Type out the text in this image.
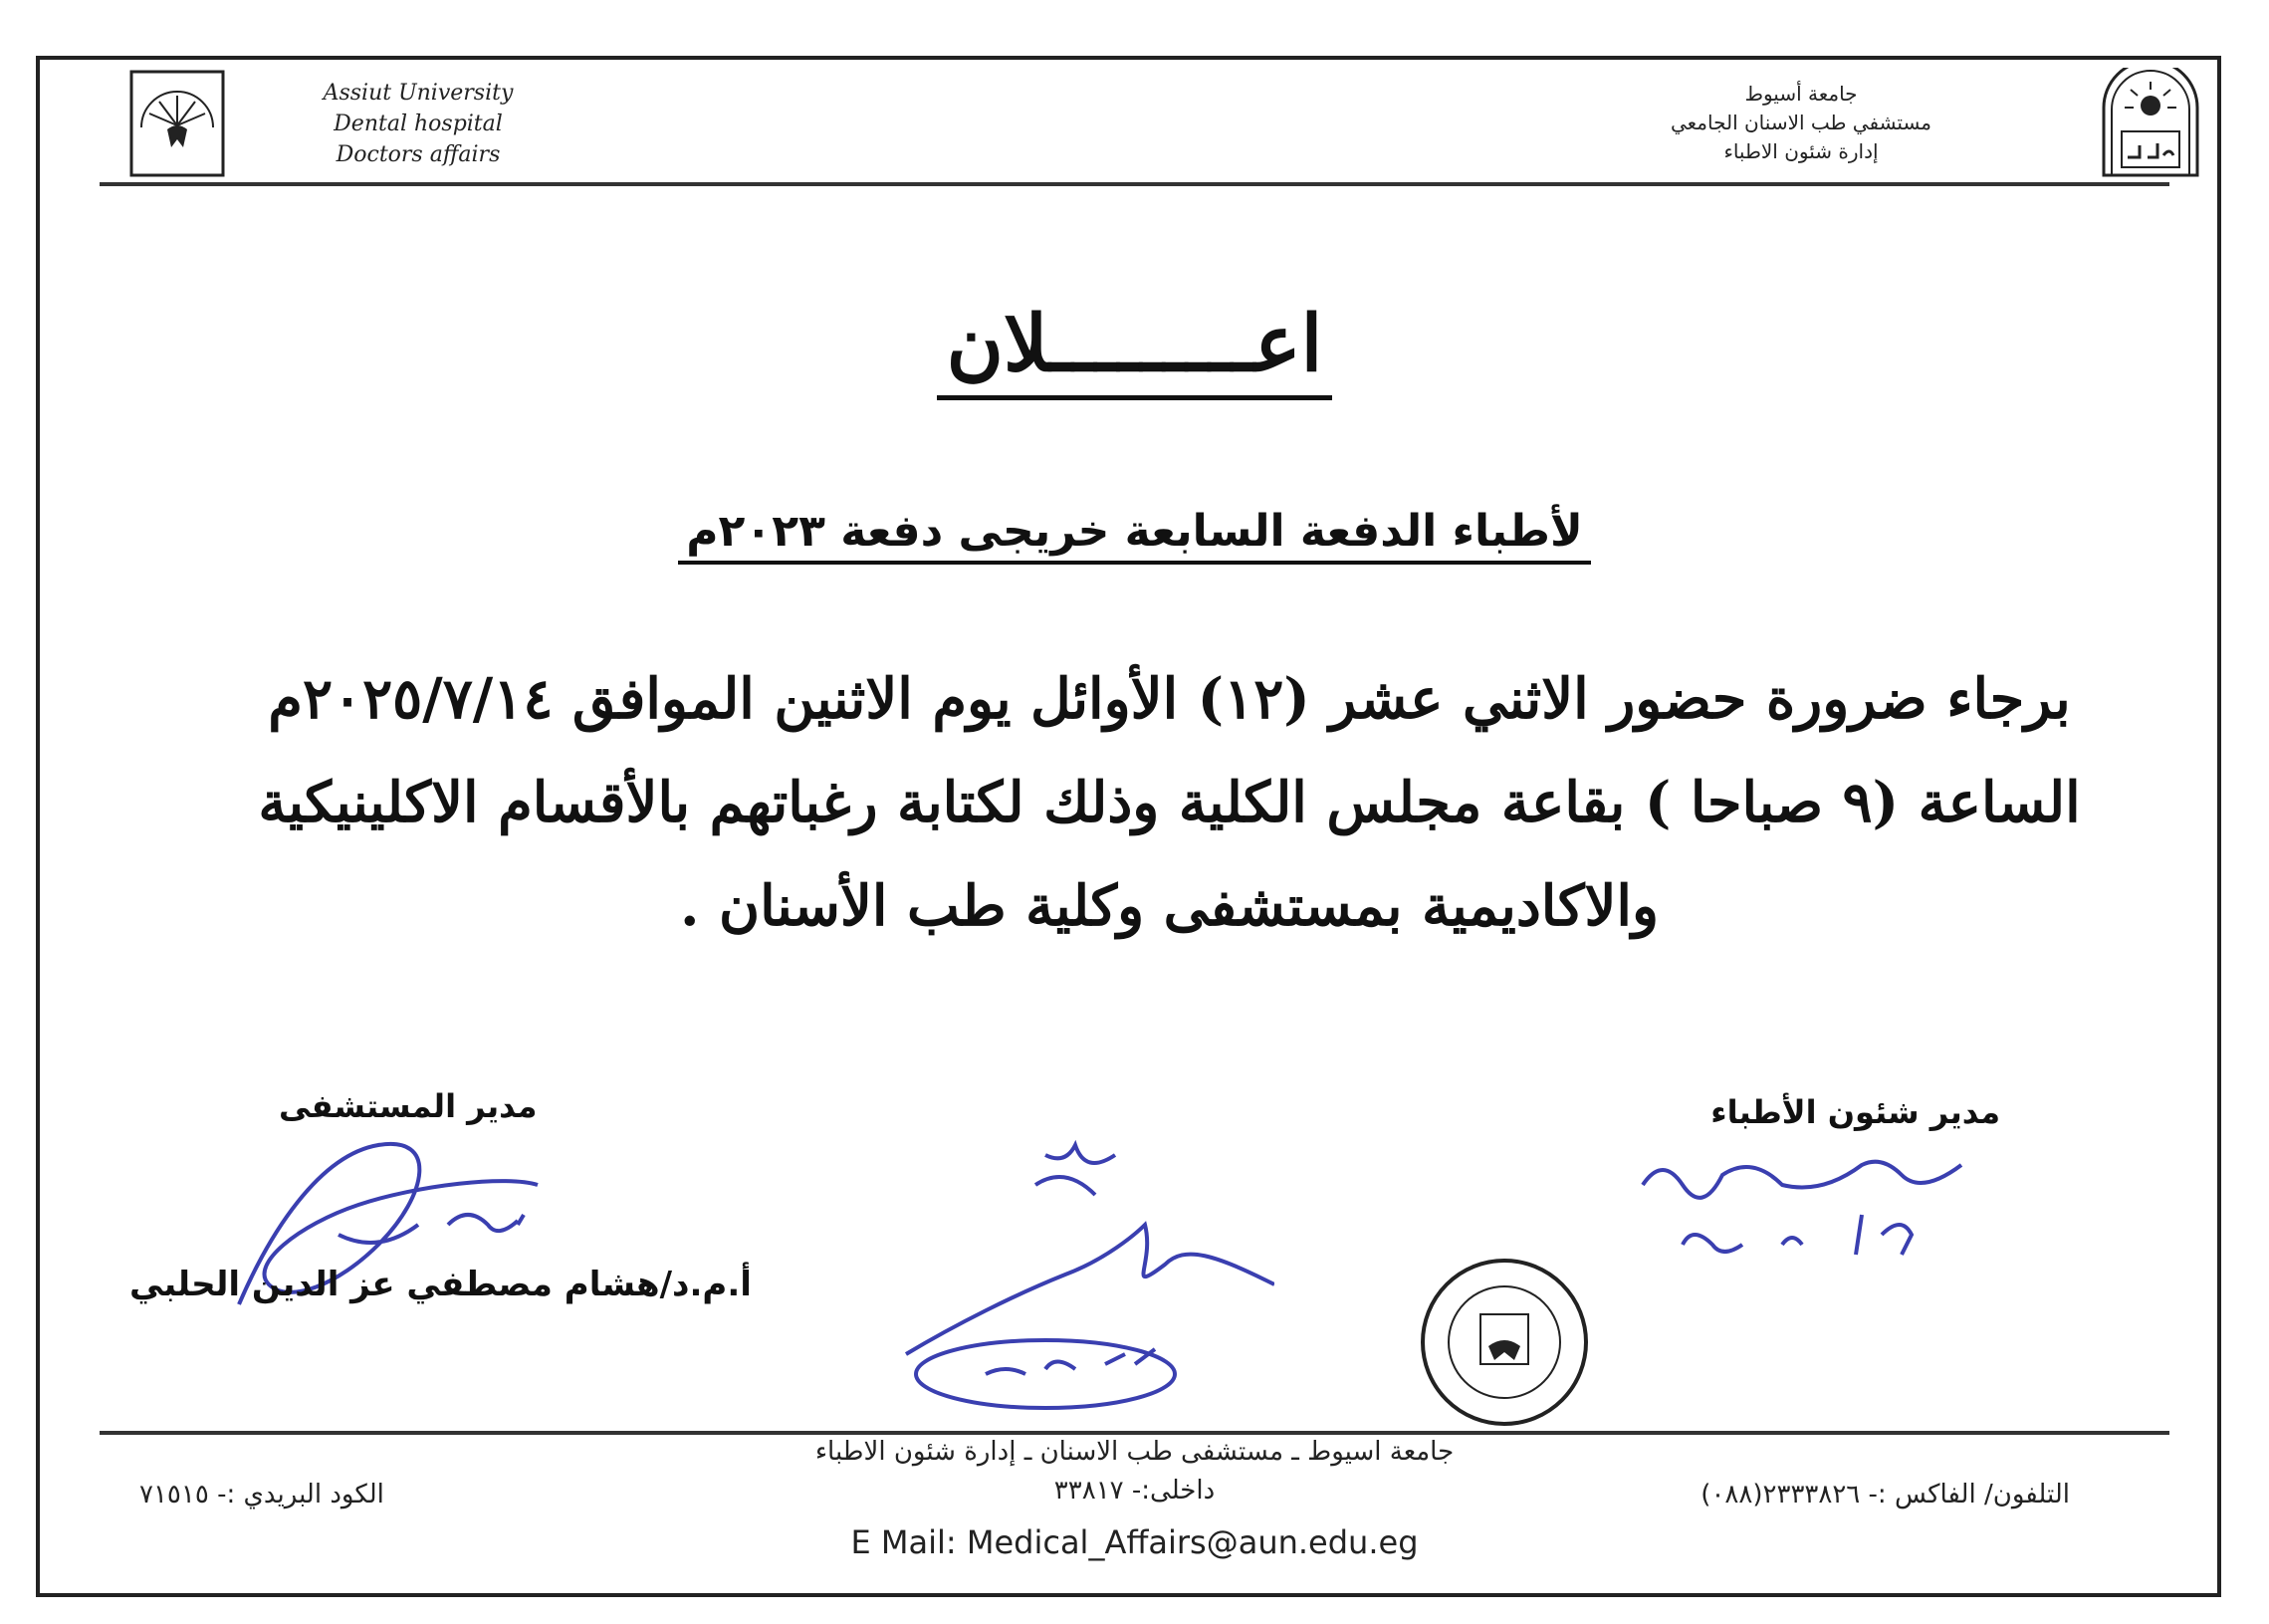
Assiut University
Dental hospital
Doctors affairs
جامعة أسيوط
مستشفي طب الاسنان الجامعي
إدارة شئون الاطباء
اعـــــــــلان
لأطباء الدفعة السابعة خريجى دفعة ٢٠٢٣م
برجاء ضرورة حضور الاثني عشر (١٢) الأوائل يوم الاثنين الموافق ٢٠٢٥/٧/١٤م الساعة (٩ صباحا ) بقاعة مجلس الكلية وذلك لكتابة رغباتهم بالأقسام الاكلينيكية والاكاديمية بمستشفى وكلية طب الأسنان .
مدير المستشفى	مدير شئون الأطباء
أ.م.د/هشام مصطفي عز الدين الحلبي
جامعة اسيوط ـ مستشفى طب الاسنان ـ إدارة شئون الاطباء
التلفون/ الفاكس :- ٢٣٣٣٨٢٦(٠٨٨)
داخلى:- ٣٣٨١٧
الكود البريدي :- ٧١٥١٥
E Mail: Medical_Affairs@aun.edu.eg
